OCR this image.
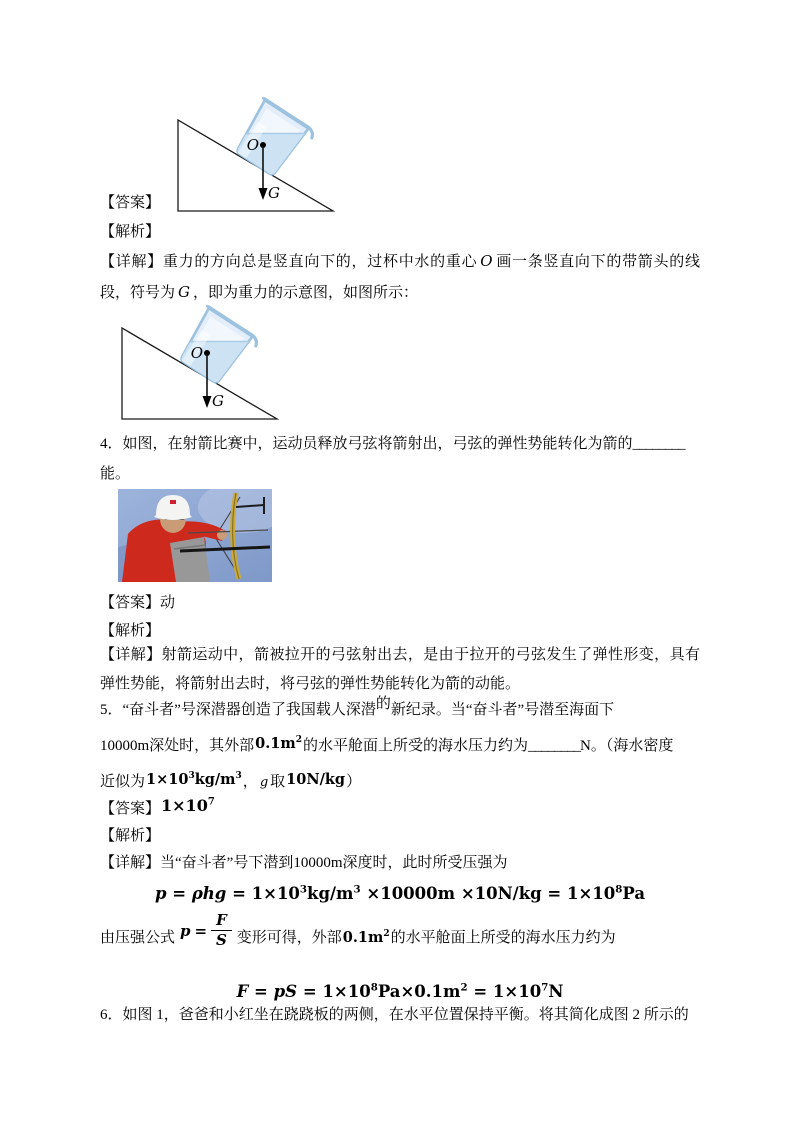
O
G
【答案】
【解析】
【详解】重力的方向总是竖直向下的，过杯中水的重心 O 画一条竖直向下的带箭头的线段，符号为 G ，即为重力的示意图，如图所示：
O
G
4．如图，在射箭比赛中，运动员释放弓弦将箭射出，弓弦的弹性势能转化为箭的________
能。
【答案】动
【解析】
【详解】射箭运动中，箭被拉开的弓弦射出去，是由于拉开的弓弦发生了弹性形变，具有弹性势能，将箭射出去时，将弓弦的弹性势能转化为箭的动能。
5．“奋斗者”号深潜器创造了我国载人深潜的新纪录。当“奋斗者”号潜至海面下
10000m深处时，其外部$0.1m^2$的水平舱面上所受的海水压力约为________N。（海水密度
近似为$1\times 10^3kg/m^3$， g 取10N/kg）
【答案】$1\times 10^7$
【解析】
【详解】当“奋斗者”号下潜到10000m深度时，此时所受压强为
$p = \rho hg = 1\times 10^3kg/m^3 \times 10000m \times 10N/kg = 1\times 10^8Pa$
由压强公式 $p = \frac{F}{S}$ 变形可得，外部 $0.1m^2$ 的水平舱面上所受的海水压力约为
F = pS = $1\times 10^8Pa\times 0.1m^2 = 1\times 10^7N$
6．如图 1，爸爸和小红坐在跷跷板的两侧，在水平位置保持平衡。将其简化成图 2 所示的
